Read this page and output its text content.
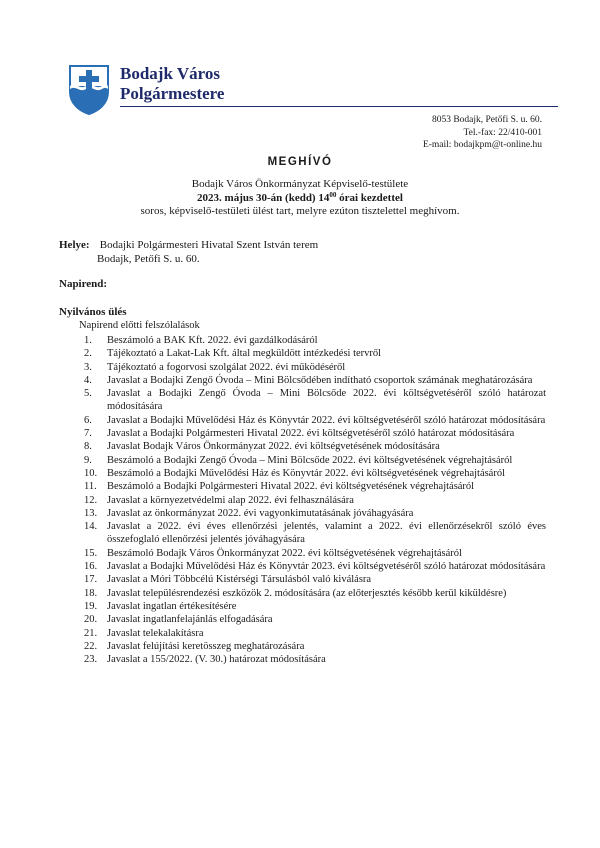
Bodajk Város
Polgármestere
8053 Bodajk, Petőfi S. u. 60.
Tel.-fax: 22/410-001
E-mail: bodajkpm@t-online.hu
MEGHÍVÓ
Bodajk Város Önkormányzat Képviselő-testülete
2023. május 30-án (kedd) $14^{00}$ órai kezdettel
soros, képviselő-testületi ülést tart, melyre ezúton tisztelettel meghívom.
Helye: Bodajki Polgármesteri Hivatal Szent István terem
Bodajk, Petőfi S. u. 60.
Napirend:
Nyilvános ülés
Napirend előtti felszólalások
1. Beszámoló a BAK Kft. 2022. évi gazdálkodásáról
2. Tájékoztató a Lakat-Lak Kft. által megküldött intézkedési tervről
3. Tájékoztató a fogorvosi szolgálat 2022. évi működéséről
4. Javaslat a Bodajki Zengő Óvoda – Mini Bölcsődében indítható csoportok számának meghatározására
5. Javaslat a Bodajki Zengő Óvoda – Mini Bölcsőde 2022. évi költségvetéséről szóló határozat módosítására
6. Javaslat a Bodajki Művelődési Ház és Könyvtár 2022. évi költségvetéséről szóló határozat módosítására
7. Javaslat a Bodajki Polgármesteri Hivatal 2022. évi költségvetéséről szóló határozat módosítására
8. Javaslat Bodajk Város Önkormányzat 2022. évi költségvetésének módosítására
9. Beszámoló a Bodajki Zengő Óvoda – Mini Bölcsőde 2022. évi költségvetésének végrehajtásáról
10. Beszámoló a Bodajki Művelődési Ház és Könyvtár 2022. évi költségvetésének végrehajtásáról
11. Beszámoló a Bodajki Polgármesteri Hivatal 2022. évi költségvetésének végrehajtásáról
12. Javaslat a környezetvédelmi alap 2022. évi felhasználására
13. Javaslat az önkormányzat 2022. évi vagyonkimutatásának jóváhagyására
14. Javaslat a 2022. évi éves ellenőrzési jelentés, valamint a 2022. évi ellenőrzésekről szóló éves összefoglaló ellenőrzési jelentés jóváhagyására
15. Beszámoló Bodajk Város Önkormányzat 2022. évi költségvetésének végrehajtásáról
16. Javaslat a Bodajki Művelődési Ház és Könyvtár 2023. évi költségvetéséről szóló határozat módosítására
17. Javaslat a Móri Többcélú Kistérségi Társulásból való kiválásra
18. Javaslat településrendezési eszközök 2. módosítására (az előterjesztés később kerül kiküldésre)
19. Javaslat ingatlan értékesítésére
20. Javaslat ingatlanfelajánlás elfogadására
21. Javaslat telekalakításra
22. Javaslat felújítási keretösszeg meghatározására
23. Javaslat a 155/2022. (V. 30.) határozat módosítására
